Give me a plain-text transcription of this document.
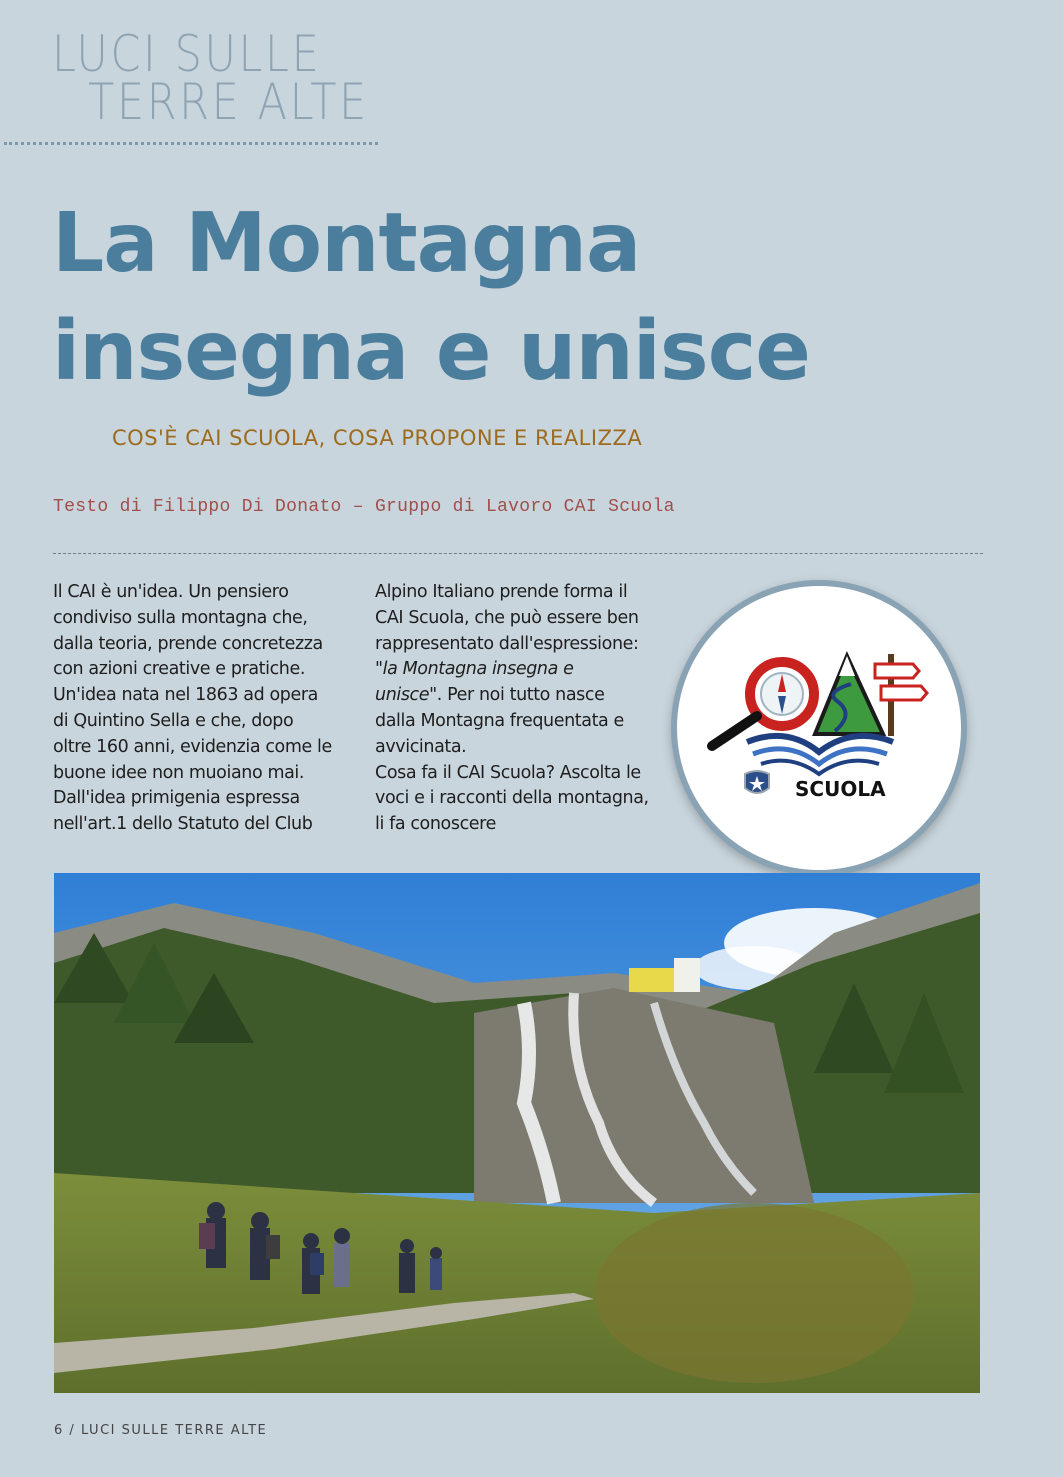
LUCI SULLE
TERRE ALTE
La Montagna
insegna e unisce
COS'È CAI SCUOLA, COSA PROPONE E REALIZZA
Testo di Filippo Di Donato – Gruppo di Lavoro CAI Scuola
Il CAI è un'idea. Un pensiero
condiviso sulla montagna che,
dalla teoria, prende concretezza
con azioni creative e pratiche.
Un'idea nata nel 1863 ad opera
di Quintino Sella e che, dopo
oltre 160 anni, evidenzia come le
buone idee non muoiano mai.
Dall'idea primigenia espressa
nell'art.1 dello Statuto del Club
Alpino Italiano prende forma il
CAI Scuola, che può essere ben
rappresentato dall'espressione:
"la Montagna insegna e
unisce". Per noi tutto nasce
dalla Montagna frequentata e
avvicinata.
Cosa fa il CAI Scuola? Ascolta le
voci e i racconti della montagna,
li fa conoscere
SCUOLA
6 / LUCI SULLE TERRE ALTE
